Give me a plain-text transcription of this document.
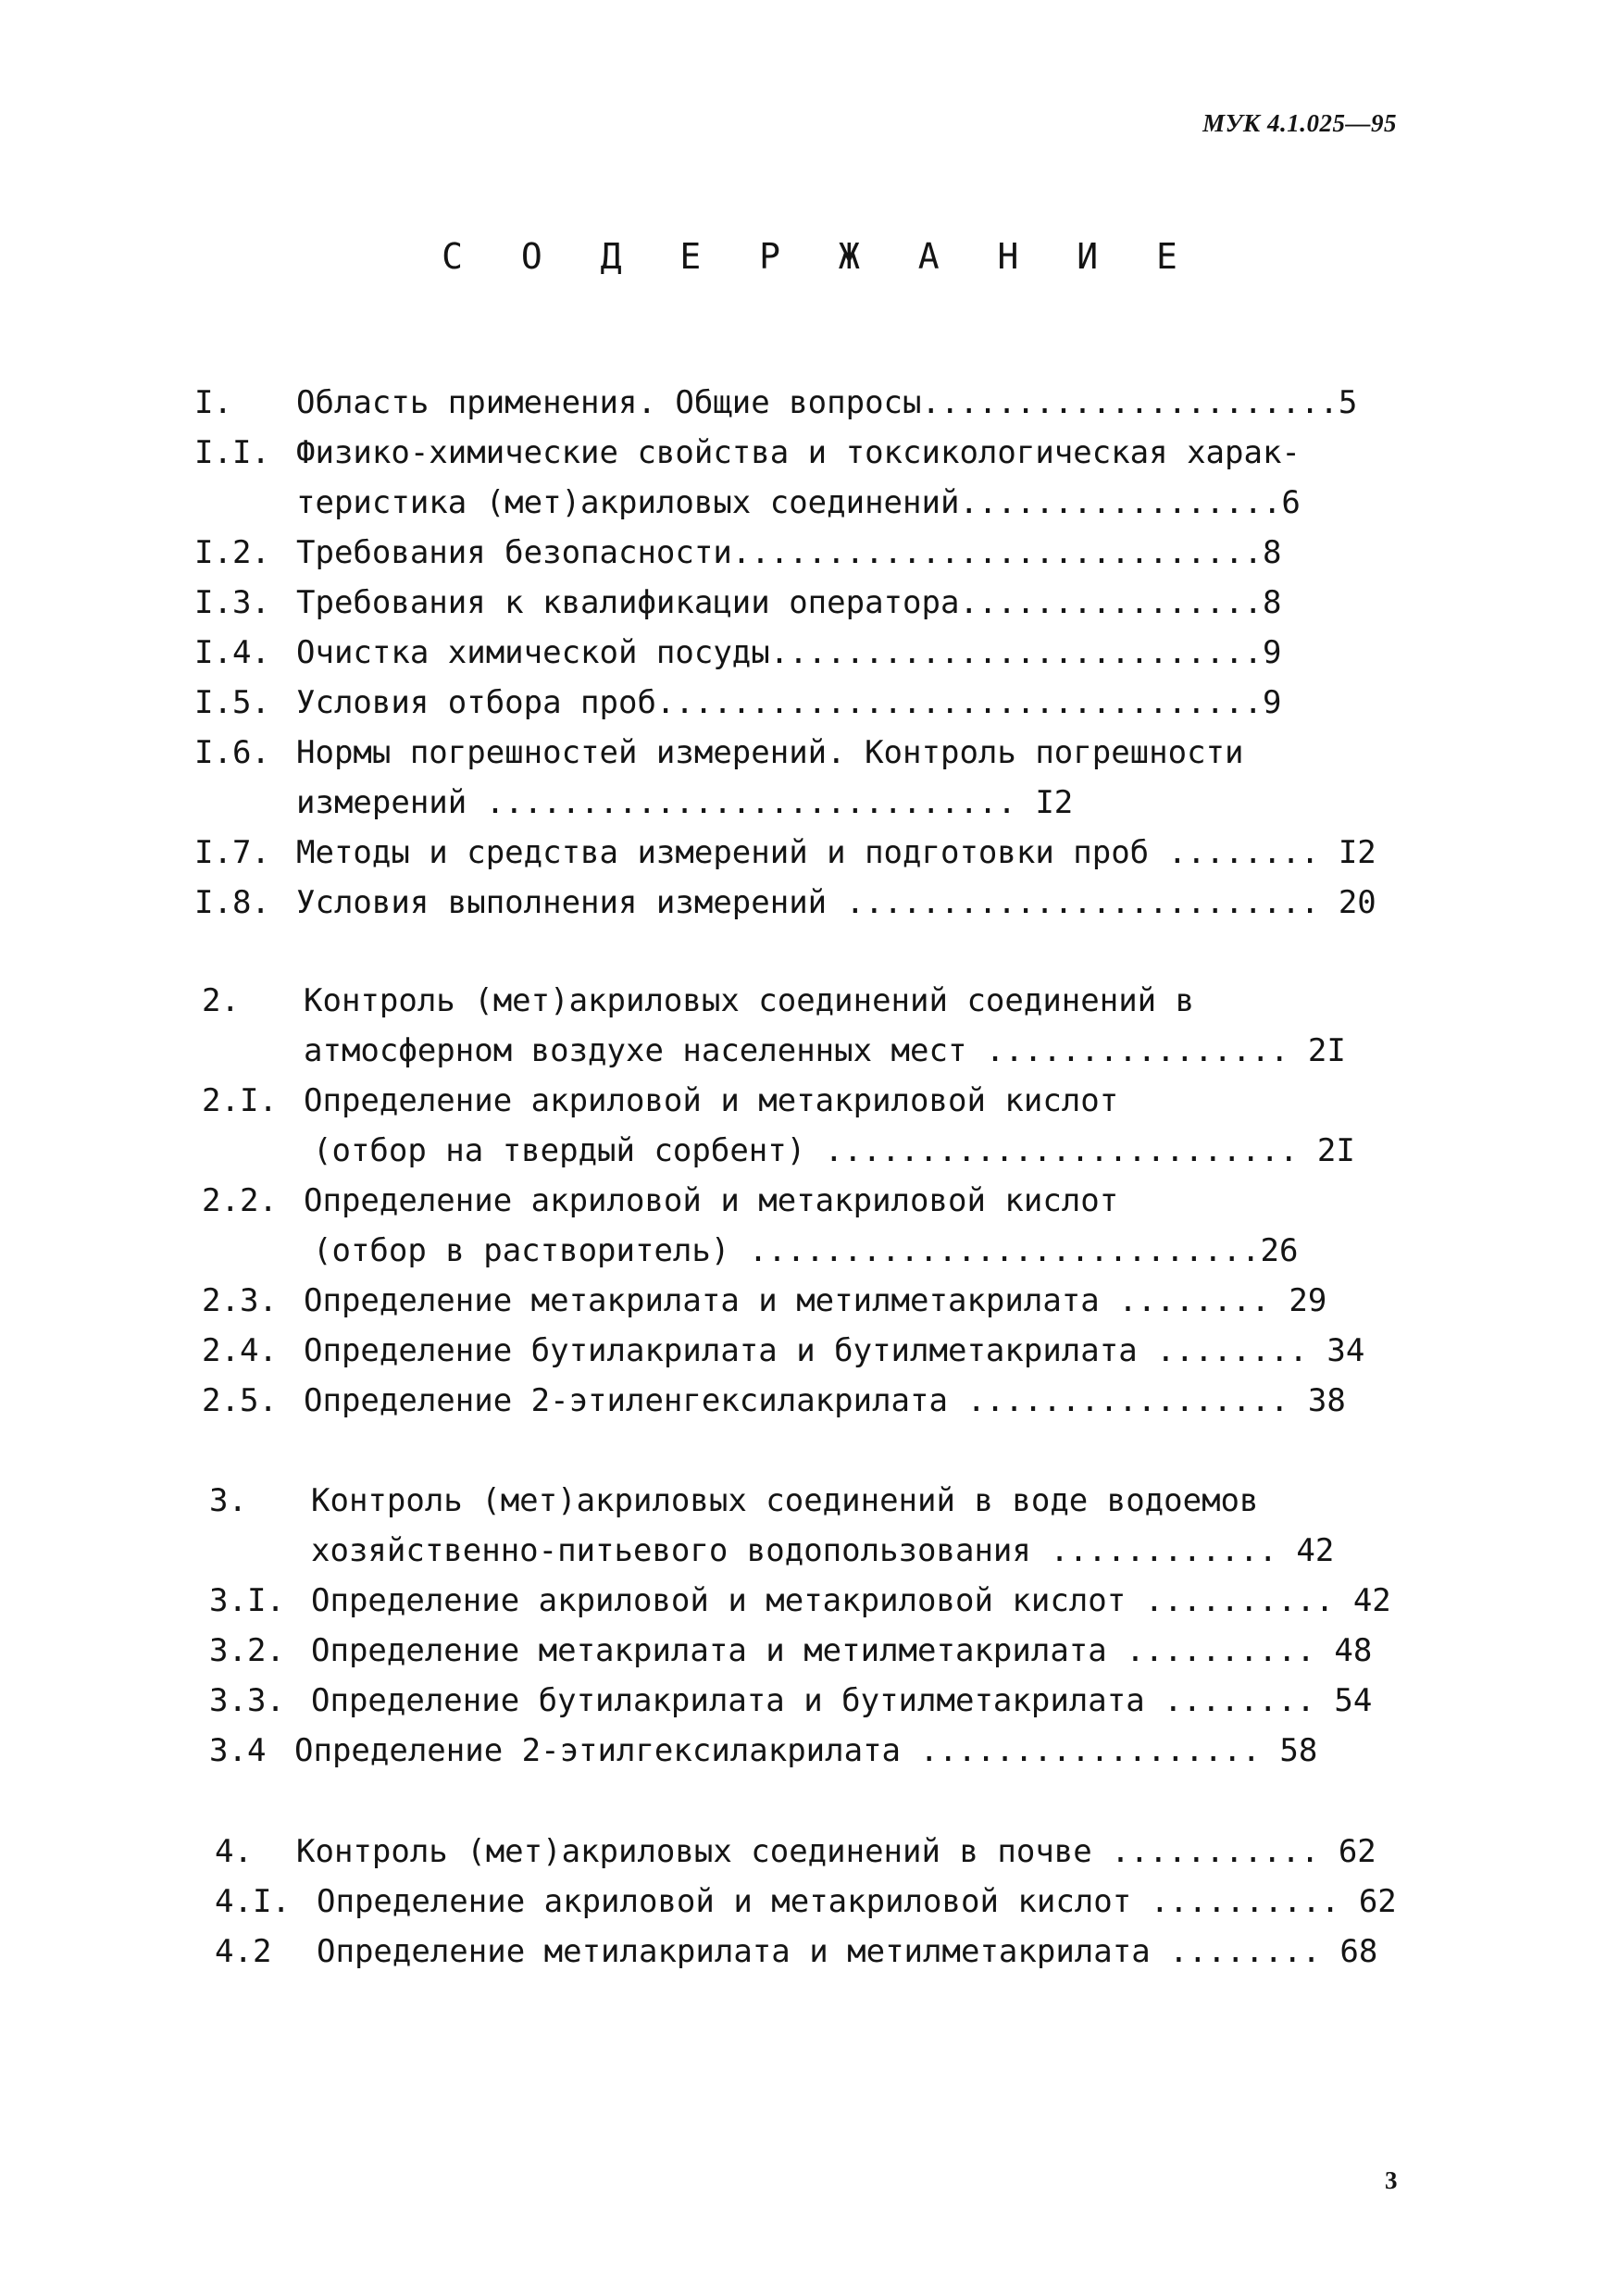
МУК 4.1.025—95
С О Д Е Р Ж А Н И Е
I. Область применения. Общие вопросы......................5
I.I. Физико-химические свойства и токсикологическая харак-
теристика (мет)акриловых соединений.................6
I.2. Требования безопасности............................8
I.3. Требования к квалификации оператора................8
I.4. Очистка химической посуды..........................9
I.5. Условия отбора проб................................9
I.6. Нормы погрешностей измерений. Контроль погрешности
измерений ............................ I2
I.7. Методы и средства измерений и подготовки проб ........ I2
I.8. Условия выполнения измерений ......................... 20
2. Контроль (мет)акриловых соединений соединений в
атмосферном воздухе населенных мест ................ 2I
2.I. Определение акриловой и метакриловой кислот
(отбор на твердый сорбент) ......................... 2I
2.2. Определение акриловой и метакриловой кислот
(отбор в растворитель) ...........................26
2.3. Определение метакрилата и метилметакрилата ........ 29
2.4. Определение бутилакрилата и бутилметакрилата ........ 34
2.5. Определение 2-этиленгексилакрилата ................. 38
3. Контроль (мет)акриловых соединений в воде водоемов
хозяйственно-питьевого водопользования ............ 42
3.I. Определение акриловой и метакриловой кислот .......... 42
3.2. Определение метакрилата и метилметакрилата .......... 48
3.3. Определение бутилакрилата и бутилметакрилата ........ 54
3.4 Определение 2-этилгексилакрилата .................. 58
4. Контроль (мет)акриловых соединений в почве ........... 62
4.I. Определение акриловой и метакриловой кислот .......... 62
4.2 Определение метилакрилата и метилметакрилата ........ 68
3
